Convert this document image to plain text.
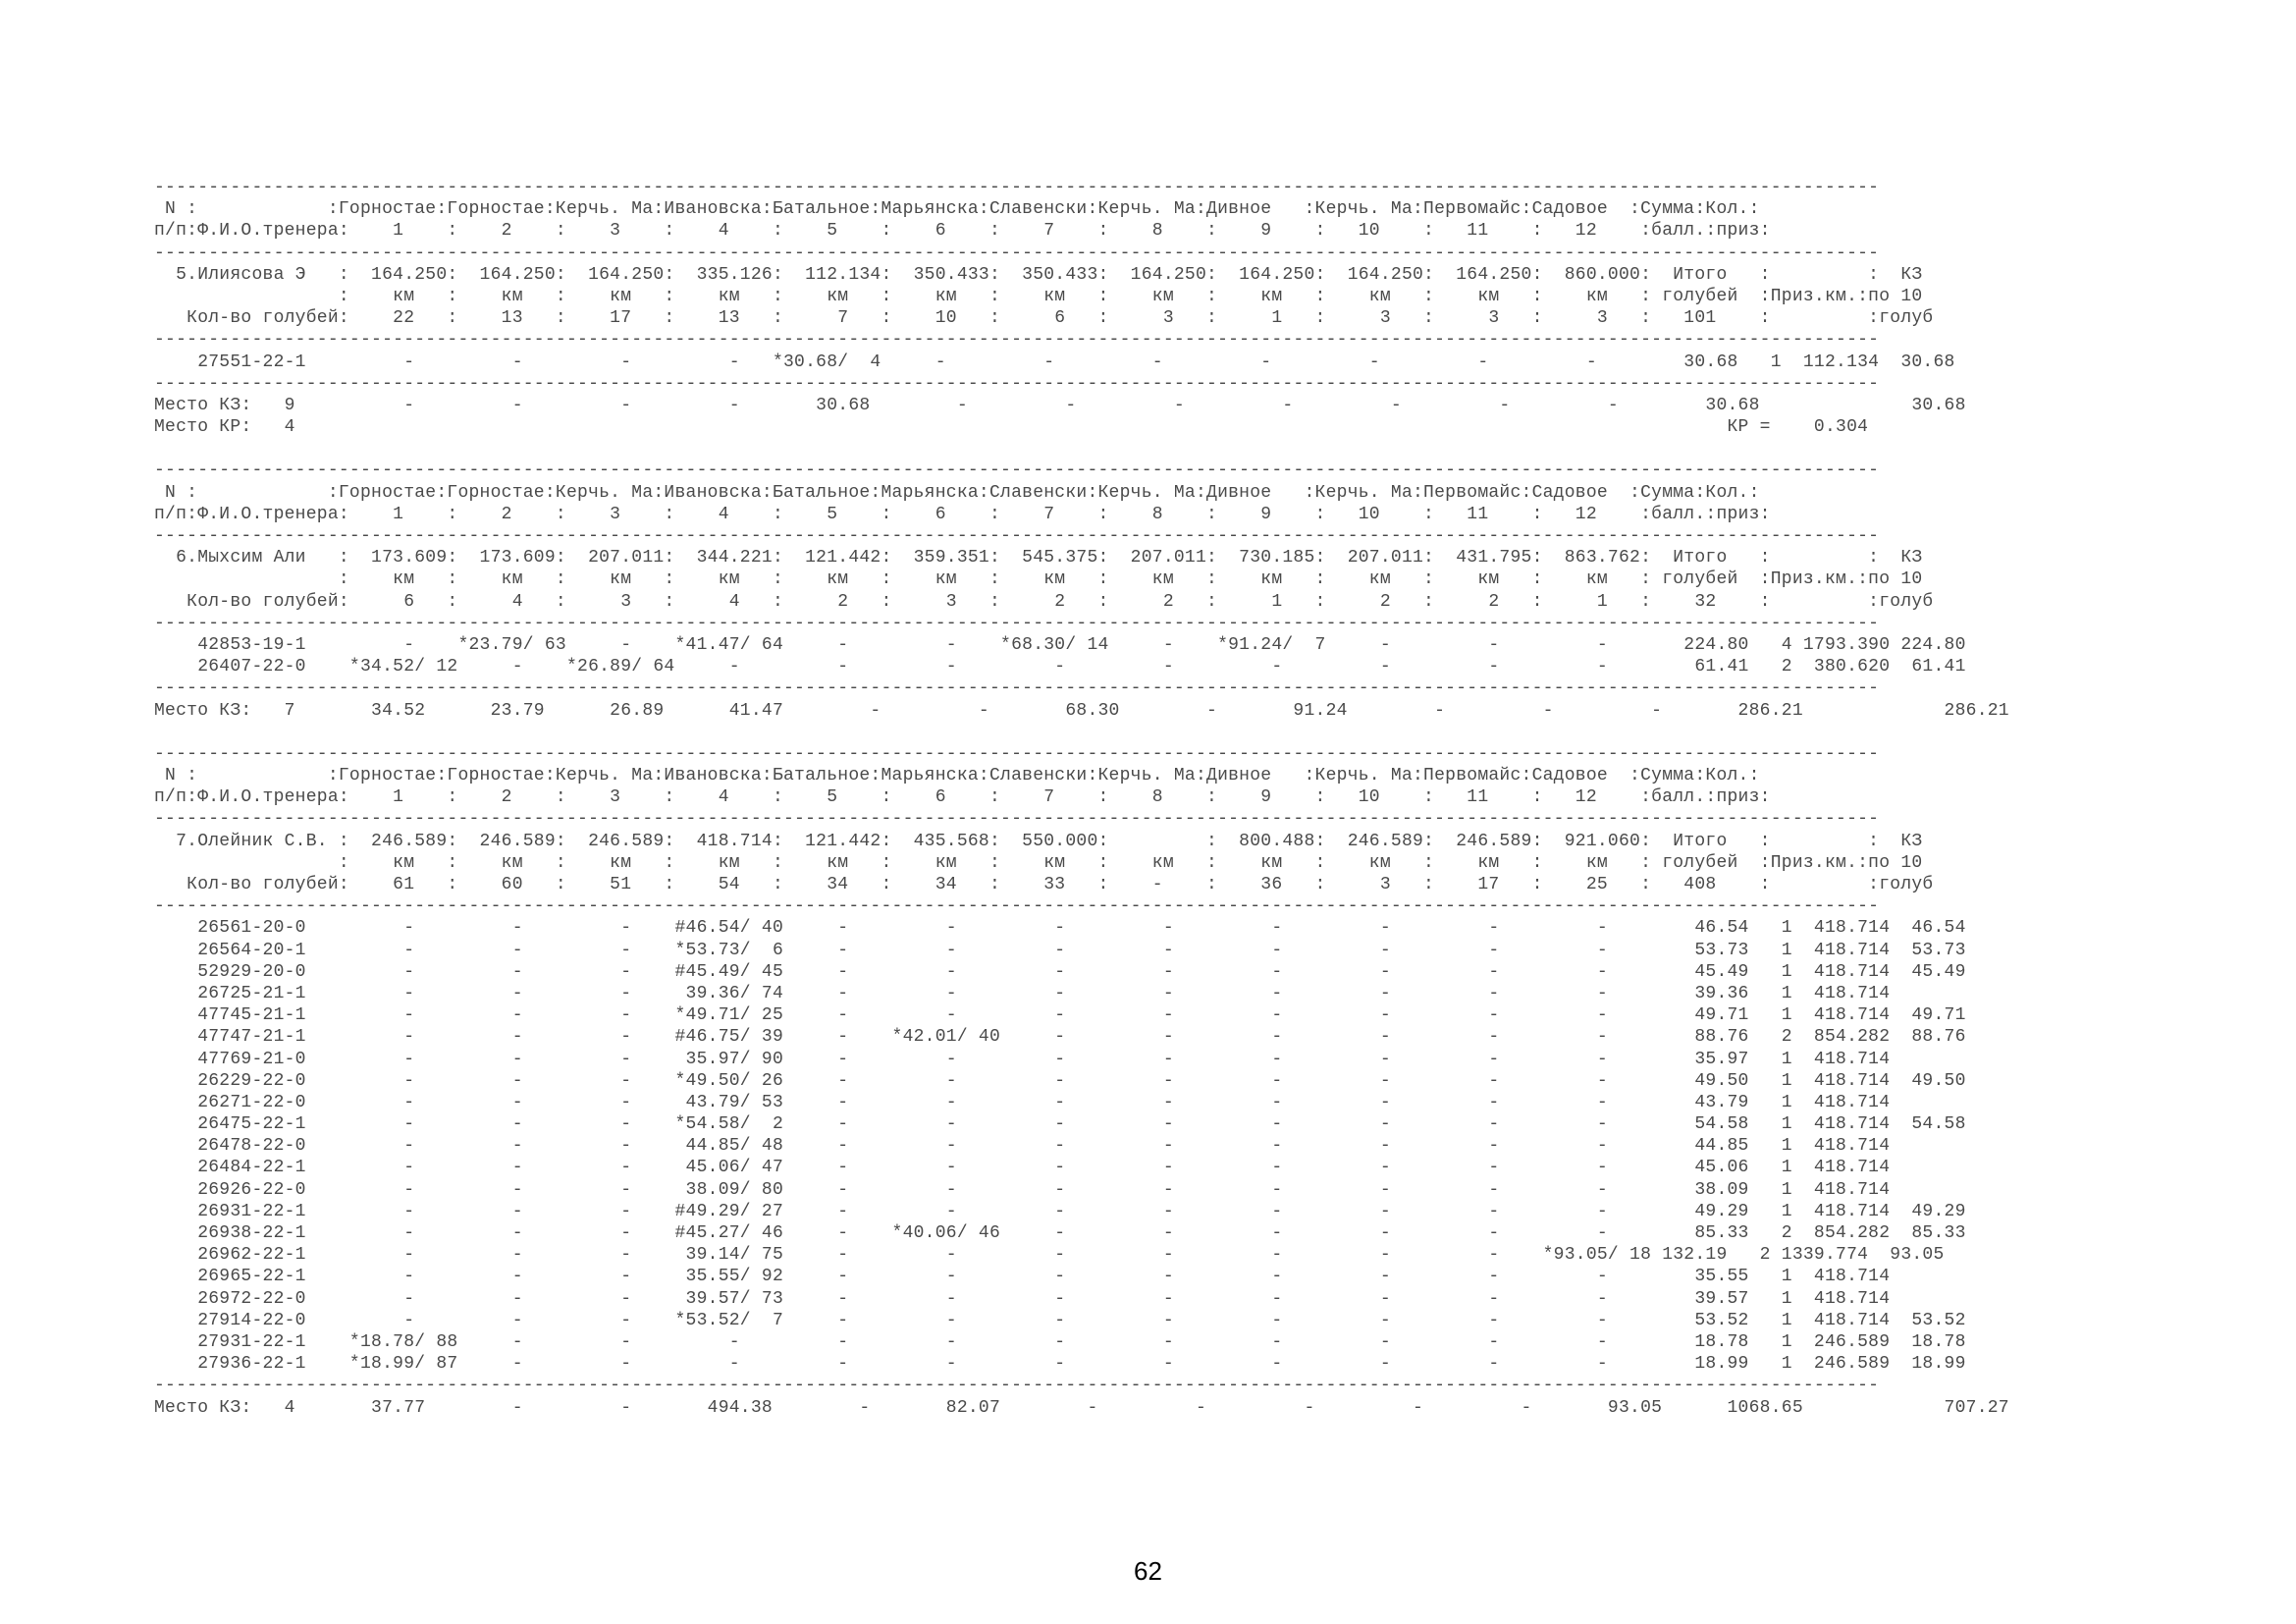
---------------------------------------------------------------------------------------------------------------------------------------------------------------
N :            :Горностае:Горностае:Керчь. Ма:Ивановска:Батальное:Марьянска:Славенски:Керчь. Ма:Дивное   :Керчь. Ма:Первомайс:Садовое  :Сумма:Кол.:
п/п:Ф.И.О.тренера:    1    :    2    :    3    :    4    :    5    :    6    :    7    :    8    :    9    :   10    :   11    :   12    :балл.:приз:
---------------------------------------------------------------------------------------------------------------------------------------------------------------
5.Илиясова Э   :  164.250:  164.250:  164.250:  335.126:  112.134:  350.433:  350.433:  164.250:  164.250:  164.250:  164.250:  860.000:  Итого   :         :  КЗ
:    км   :    км   :    км   :    км   :    км   :    км   :    км   :    км   :    км   :    км   :    км   :    км   : голубей  :Приз.км.:по 10
Кол-во голубей:    22   :    13   :    17   :    13   :     7   :    10   :     6   :     3   :     1   :     3   :     3   :     3   :   101    :         :голуб
---------------------------------------------------------------------------------------------------------------------------------------------------------------
27551-22-1         -         -         -         -   *30.68/  4     -         -         -         -         -         -         -        30.68   1  112.134  30.68
---------------------------------------------------------------------------------------------------------------------------------------------------------------
Место КЗ:   9          -         -         -         -       30.68        -         -         -         -         -         -         -        30.68              30.68
Место КР:   4                                                                                                                                    КР =    0.304
---------------------------------------------------------------------------------------------------------------------------------------------------------------
N :            :Горностае:Горностае:Керчь. Ма:Ивановска:Батальное:Марьянска:Славенски:Керчь. Ма:Дивное   :Керчь. Ма:Первомайс:Садовое  :Сумма:Кол.:
п/п:Ф.И.О.тренера:    1    :    2    :    3    :    4    :    5    :    6    :    7    :    8    :    9    :   10    :   11    :   12    :балл.:приз:
---------------------------------------------------------------------------------------------------------------------------------------------------------------
6.Мыхсим Али   :  173.609:  173.609:  207.011:  344.221:  121.442:  359.351:  545.375:  207.011:  730.185:  207.011:  431.795:  863.762:  Итого   :         :  КЗ
:    км   :    км   :    км   :    км   :    км   :    км   :    км   :    км   :    км   :    км   :    км   :    км   : голубей  :Приз.км.:по 10
Кол-во голубей:     6   :     4   :     3   :     4   :     2   :     3   :     2   :     2   :     1   :     2   :     2   :     1   :    32    :         :голуб
---------------------------------------------------------------------------------------------------------------------------------------------------------------
42853-19-1         -    *23.79/ 63     -    *41.47/ 64     -         -    *68.30/ 14     -    *91.24/  7     -         -         -       224.80   4 1793.390 224.80
26407-22-0    *34.52/ 12     -    *26.89/ 64     -         -         -         -         -         -         -         -         -        61.41   2  380.620  61.41
---------------------------------------------------------------------------------------------------------------------------------------------------------------
Место КЗ:   7       34.52      23.79      26.89      41.47        -         -       68.30        -       91.24        -         -         -       286.21             286.21
---------------------------------------------------------------------------------------------------------------------------------------------------------------
N :            :Горностае:Горностае:Керчь. Ма:Ивановска:Батальное:Марьянска:Славенски:Керчь. Ма:Дивное   :Керчь. Ма:Первомайс:Садовое  :Сумма:Кол.:
п/п:Ф.И.О.тренера:    1    :    2    :    3    :    4    :    5    :    6    :    7    :    8    :    9    :   10    :   11    :   12    :балл.:приз:
---------------------------------------------------------------------------------------------------------------------------------------------------------------
7.Олейник С.В. :  246.589:  246.589:  246.589:  418.714:  121.442:  435.568:  550.000:         :  800.488:  246.589:  246.589:  921.060:  Итого   :         :  КЗ
:    км   :    км   :    км   :    км   :    км   :    км   :    км   :    км   :    км   :    км   :    км   :    км   : голубей  :Приз.км.:по 10
Кол-во голубей:    61   :    60   :    51   :    54   :    34   :    34   :    33   :    -    :    36   :     3   :    17   :    25   :   408    :         :голуб
---------------------------------------------------------------------------------------------------------------------------------------------------------------
26561-20-0         -         -         -    #46.54/ 40     -         -         -         -         -         -         -         -        46.54   1  418.714  46.54
26564-20-1         -         -         -    *53.73/  6     -         -         -         -         -         -         -         -        53.73   1  418.714  53.73
52929-20-0         -         -         -    #45.49/ 45     -         -         -         -         -         -         -         -        45.49   1  418.714  45.49
26725-21-1         -         -         -     39.36/ 74     -         -         -         -         -         -         -         -        39.36   1  418.714
47745-21-1         -         -         -    *49.71/ 25     -         -         -         -         -         -         -         -        49.71   1  418.714  49.71
47747-21-1         -         -         -    #46.75/ 39     -    *42.01/ 40     -         -         -         -         -         -        88.76   2  854.282  88.76
47769-21-0         -         -         -     35.97/ 90     -         -         -         -         -         -         -         -        35.97   1  418.714
26229-22-0         -         -         -    *49.50/ 26     -         -         -         -         -         -         -         -        49.50   1  418.714  49.50
26271-22-0         -         -         -     43.79/ 53     -         -         -         -         -         -         -         -        43.79   1  418.714
26475-22-1         -         -         -    *54.58/  2     -         -         -         -         -         -         -         -        54.58   1  418.714  54.58
26478-22-0         -         -         -     44.85/ 48     -         -         -         -         -         -         -         -        44.85   1  418.714
26484-22-1         -         -         -     45.06/ 47     -         -         -         -         -         -         -         -        45.06   1  418.714
26926-22-0         -         -         -     38.09/ 80     -         -         -         -         -         -         -         -        38.09   1  418.714
26931-22-1         -         -         -    #49.29/ 27     -         -         -         -         -         -         -         -        49.29   1  418.714  49.29
26938-22-1         -         -         -    #45.27/ 46     -    *40.06/ 46     -         -         -         -         -         -        85.33   2  854.282  85.33
26962-22-1         -         -         -     39.14/ 75     -         -         -         -         -         -         -    *93.05/ 18 132.19   2 1339.774  93.05
26965-22-1         -         -         -     35.55/ 92     -         -         -         -         -         -         -         -        35.55   1  418.714
26972-22-0         -         -         -     39.57/ 73     -         -         -         -         -         -         -         -        39.57   1  418.714
27914-22-0         -         -         -    *53.52/  7     -         -         -         -         -         -         -         -        53.52   1  418.714  53.52
27931-22-1    *18.78/ 88     -         -         -         -         -         -         -         -         -         -         -        18.78   1  246.589  18.78
27936-22-1    *18.99/ 87     -         -         -         -         -         -         -         -         -         -         -        18.99   1  246.589  18.99
---------------------------------------------------------------------------------------------------------------------------------------------------------------
Место КЗ:   4       37.77        -         -       494.38        -       82.07        -         -         -         -         -       93.05      1068.65             707.27
62
